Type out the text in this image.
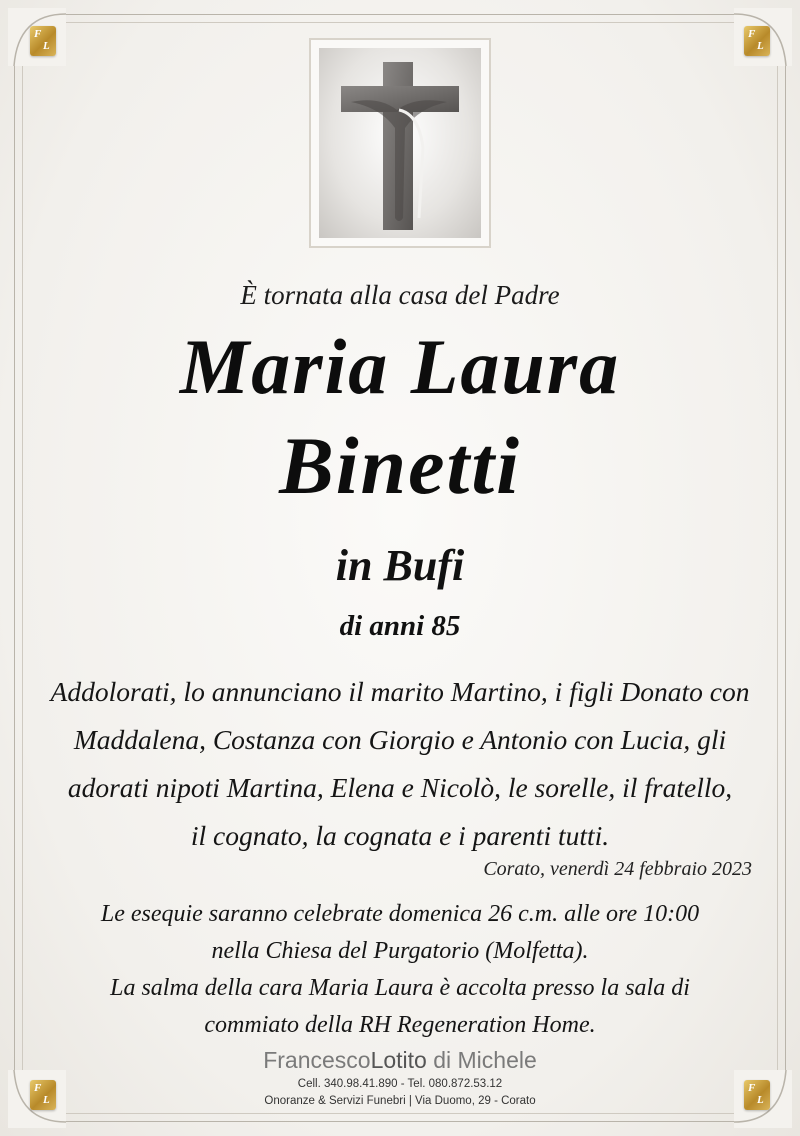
F
L
F
L
F
L
F
L
È tornata alla casa del Padre
Maria Laura
Binetti
in Bufi
di anni 85
Addolorati, lo annunciano il marito Martino, i figli Donato con
Maddalena, Costanza con Giorgio e Antonio con Lucia, gli
adorati nipoti Martina, Elena e Nicolò, le sorelle, il fratello,
il cognato, la cognata e i parenti tutti.
Corato, venerdì 24 febbraio 2023
Le esequie saranno celebrate domenica 26 c.m. alle ore 10:00
nella Chiesa del Purgatorio (Molfetta).
La salma della cara Maria Laura è accolta presso la sala di
commiato della RH Regeneration Home.
FrancescoLotito di Michele
Cell. 340.98.41.890 - Tel. 080.872.53.12
Onoranze & Servizi Funebri | Via Duomo, 29 - Corato
